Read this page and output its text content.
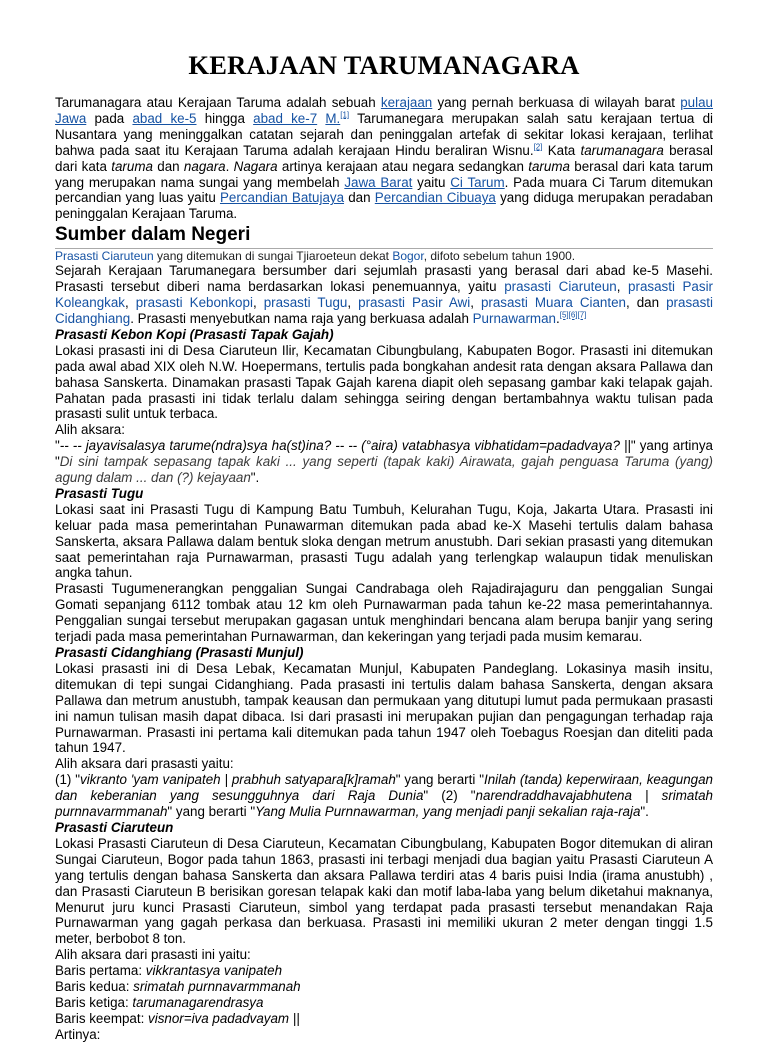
KERAJAAN TARUMANAGARA

Tarumanagara atau Kerajaan Taruma adalah sebuah kerajaan yang pernah berkuasa di wilayah barat pulau Jawa pada abad ke-5 hingga abad ke-7 M.[1] Tarumanegara merupakan salah satu kerajaan tertua di Nusantara yang meninggalkan catatan sejarah dan peninggalan artefak di sekitar lokasi kerajaan, terlihat bahwa pada saat itu Kerajaan Taruma adalah kerajaan Hindu beraliran Wisnu.[2] Kata tarumanagara berasal dari kata taruma dan nagara. Nagara artinya kerajaan atau negara sedangkan taruma berasal dari kata tarum yang merupakan nama sungai yang membelah Jawa Barat yaitu Ci Tarum. Pada muara Ci Tarum ditemukan percandian yang luas yaitu Percandian Batujaya dan Percandian Cibuaya yang diduga merupakan peradaban peninggalan Kerajaan Taruma.

Sumber dalam Negeri

Prasasti Ciaruteun yang ditemukan di sungai Tjiaroeteun dekat Bogor, difoto sebelum tahun 1900.

Sejarah Kerajaan Tarumanegara bersumber dari sejumlah prasasti yang berasal dari abad ke-5 Masehi. Prasasti tersebut diberi nama berdasarkan lokasi penemuannya, yaitu prasasti Ciaruteun, prasasti Pasir Koleangkak, prasasti Kebonkopi, prasasti Tugu, prasasti Pasir Awi, prasasti Muara Cianten, dan prasasti Cidanghiang. Prasasti menyebutkan nama raja yang berkuasa adalah Purnawarman.[5][6][7]

Prasasti Kebon Kopi (Prasasti Tapak Gajah)

Lokasi prasasti ini di Desa Ciaruteun Ilir, Kecamatan Cibungbulang, Kabupaten Bogor. Prasasti ini ditemukan pada awal abad XIX oleh N.W. Hoepermans, tertulis pada bongkahan andesit rata dengan aksara Pallawa dan bahasa Sanskerta. Dinamakan prasasti Tapak Gajah karena diapit oleh sepasang gambar kaki telapak gajah. Pahatan pada prasasti ini tidak terlalu dalam sehingga seiring dengan bertambahnya waktu tulisan pada prasasti sulit untuk terbaca.

Alih aksara:

"-- -- jayavisalasya tarume(ndra)sya ha(st)ina? -- -- (°aira) vatabhasya vibhatidam=padadvaya? ||" yang artinya "Di sini tampak sepasang tapak kaki ... yang seperti (tapak kaki) Airawata, gajah penguasa Taruma (yang) agung dalam ... dan (?) kejayaan".

Prasasti Tugu

Lokasi saat ini Prasasti Tugu di Kampung Batu Tumbuh, Kelurahan Tugu, Koja, Jakarta Utara. Prasasti ini keluar pada masa pemerintahan Punawarman ditemukan pada abad ke-X Masehi tertulis dalam bahasa Sanskerta, aksara Pallawa dalam bentuk sloka dengan metrum anustubh. Dari sekian prasasti yang ditemukan saat pemerintahan raja Purnawarman, prasasti Tugu adalah yang terlengkap walaupun tidak menuliskan angka tahun.

Prasasti Tugumenerangkan penggalian Sungai Candrabaga oleh Rajadirajaguru dan penggalian Sungai Gomati sepanjang 6112 tombak atau 12 km oleh Purnawarman pada tahun ke-22 masa pemerintahannya. Penggalian sungai tersebut merupakan gagasan untuk menghindari bencana alam berupa banjir yang sering terjadi pada masa pemerintahan Purnawarman, dan kekeringan yang terjadi pada musim kemarau.

Prasasti Cidanghiang (Prasasti Munjul)

Lokasi prasasti ini di Desa Lebak, Kecamatan Munjul, Kabupaten Pandeglang. Lokasinya masih insitu, ditemukan di tepi sungai Cidanghiang. Pada prasasti ini tertulis dalam bahasa Sanskerta, dengan aksara Pallawa dan metrum anustubh, tampak keausan dan permukaan yang ditutupi lumut pada permukaan prasasti ini namun tulisan masih dapat dibaca. Isi dari prasasti ini merupakan pujian dan pengagungan terhadap raja Purnawarman. Prasasti ini pertama kali ditemukan pada tahun 1947 oleh Toebagus Roesjan dan diteliti pada tahun 1947.

Alih aksara dari prasasti yaitu:

(1) "vikranto 'yam vanipateh | prabhuh satyapara[k]ramah" yang berarti "Inilah (tanda) keperwiraan, keagungan dan keberanian yang sesungguhnya dari Raja Dunia" (2) "narendraddhavajabhutena | srimatah purnnavarmmanah" yang berarti "Yang Mulia Purnnawarman, yang menjadi panji sekalian raja-raja".

Prasasti Ciaruteun

Lokasi Prasasti Ciaruteun di Desa Ciaruteun, Kecamatan Cibungbulang, Kabupaten Bogor ditemukan di aliran Sungai Ciaruteun, Bogor pada tahun 1863, prasasti ini terbagi menjadi dua bagian yaitu Prasasti Ciaruteun A yang tertulis dengan bahasa Sanskerta dan aksara Pallawa terdiri atas 4 baris puisi India (irama anustubh) , dan Prasasti Ciaruteun B berisikan goresan telapak kaki dan motif laba-laba yang belum diketahui maknanya, Menurut juru kunci Prasasti Ciaruteun, simbol yang terdapat pada prasasti tersebut menandakan Raja Purnawarman yang gagah perkasa dan berkuasa. Prasasti ini memiliki ukuran 2 meter dengan tinggi 1.5 meter, berbobot 8 ton.

Alih aksara dari prasasti ini yaitu:

Baris pertama: vikkrantasya vanipateh

Baris kedua: srimatah purnnavarmmanah

Baris ketiga: tarumanagarendrasya

Baris keempat: visnor=iva padadvayam ||

Artinya:
